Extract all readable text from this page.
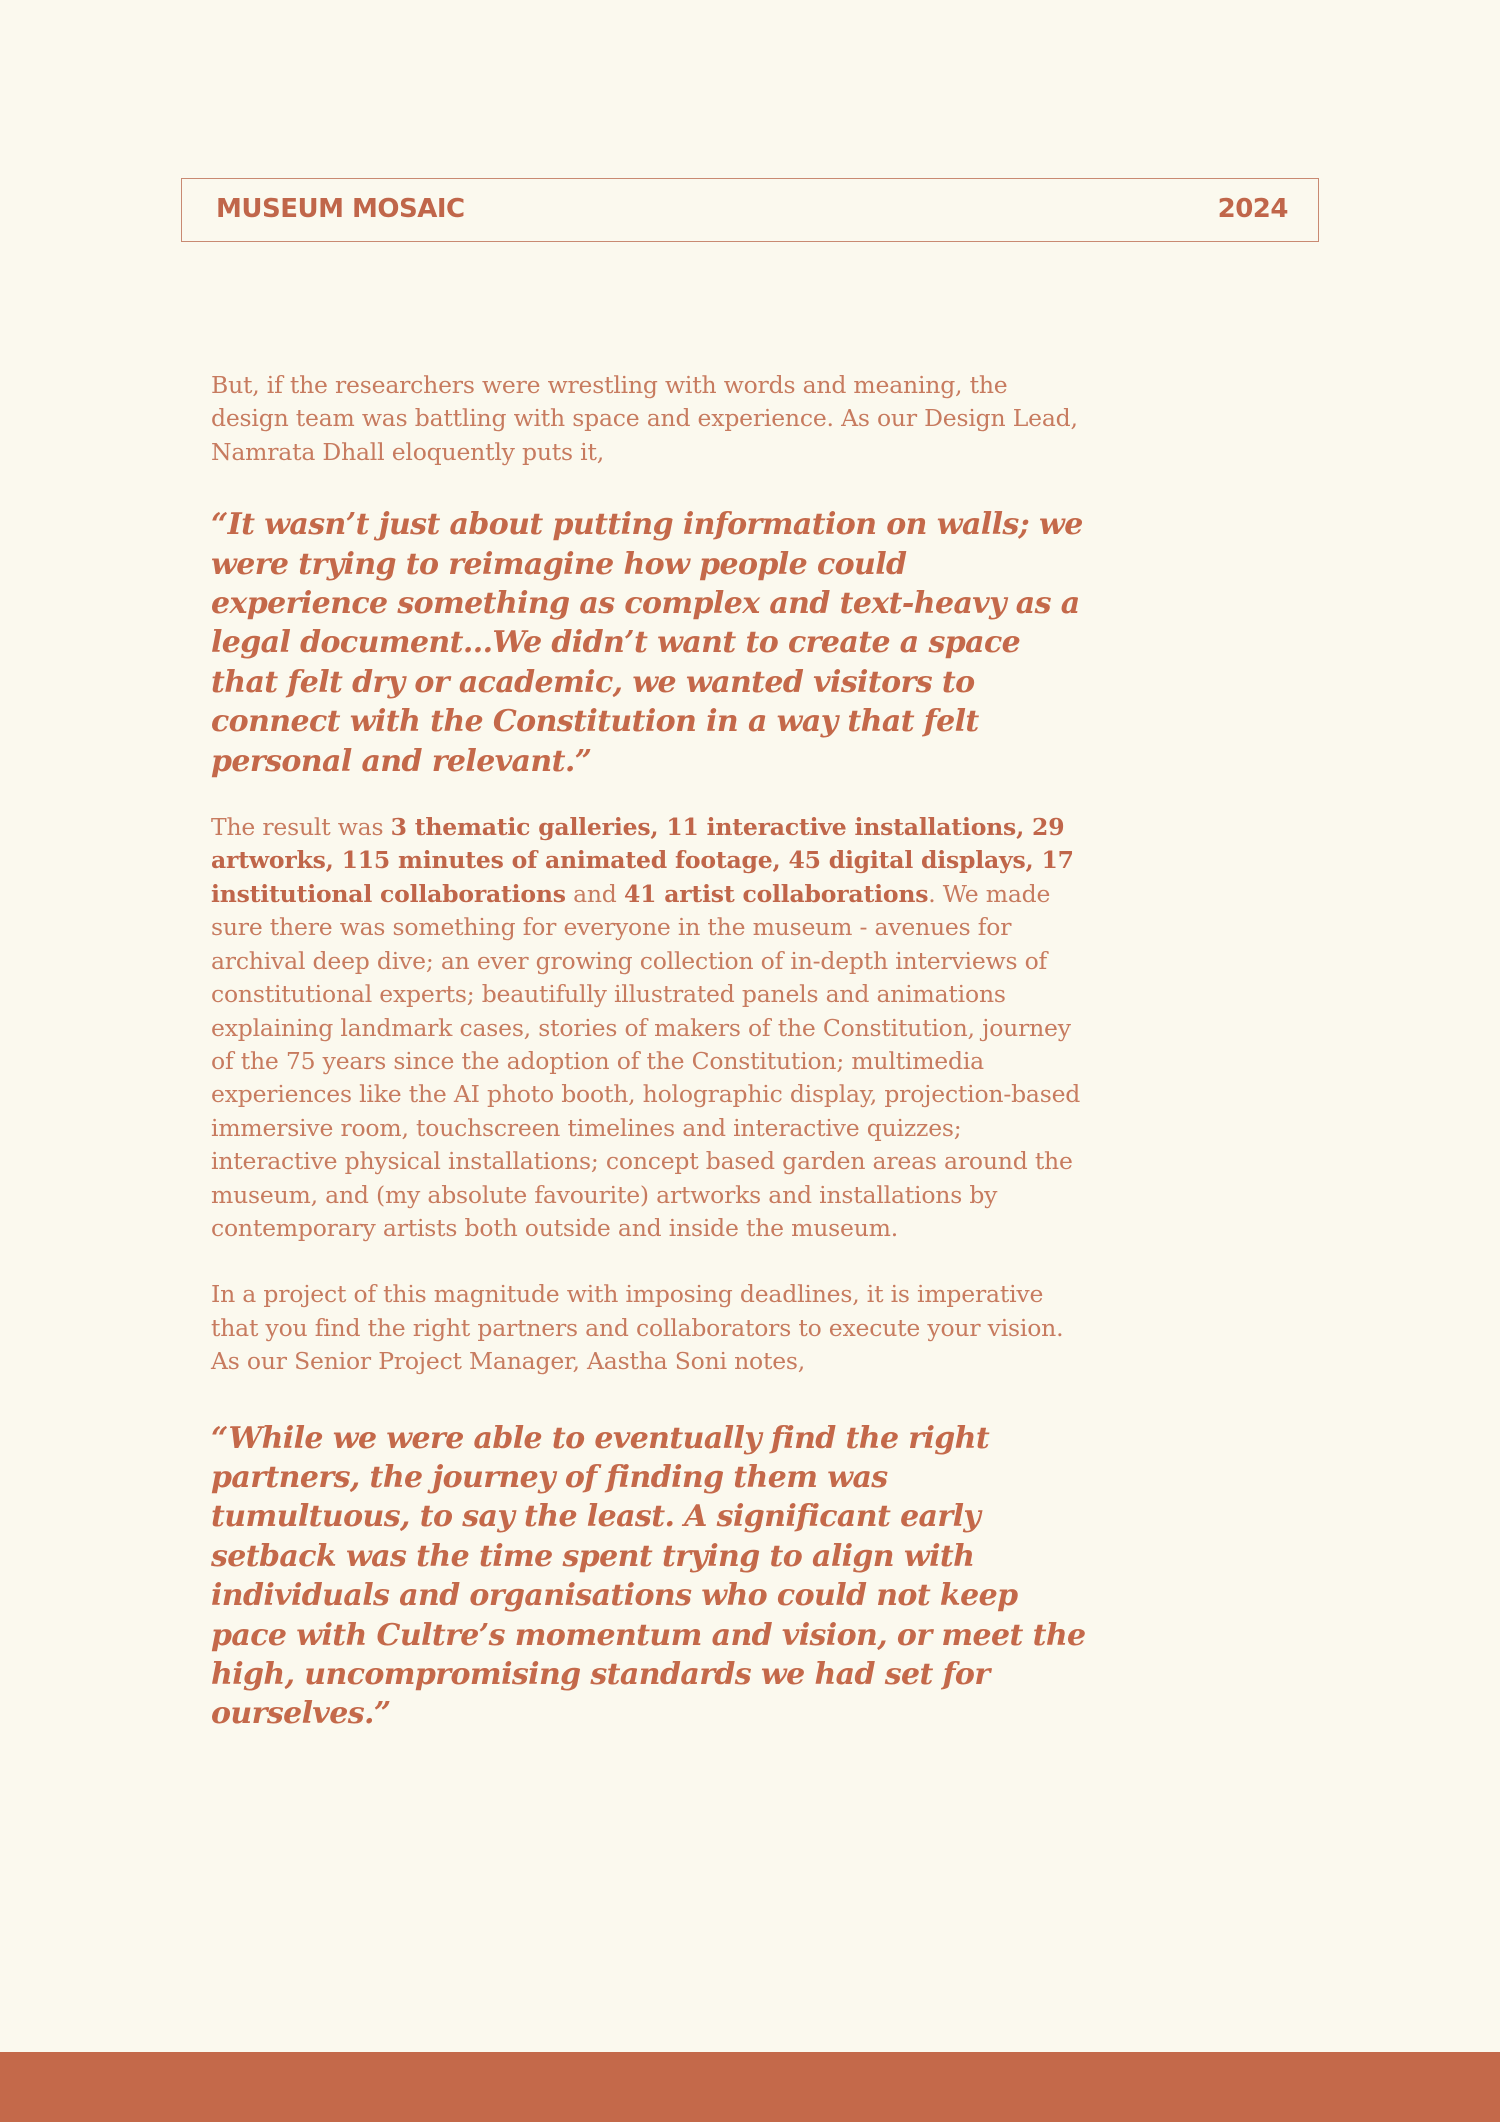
MUSEUM MOSAIC	2024

But, if the researchers were wrestling with words and meaning, the design team was battling with space and experience. As our Design Lead, Namrata Dhall eloquently puts it,

“It wasn’t just about putting information on walls; we were trying to reimagine how people could experience something as complex and text-heavy as a legal document...We didn’t want to create a space that felt dry or academic, we wanted visitors to connect with the Constitution in a way that felt personal and relevant.”

The result was 3 thematic galleries, 11 interactive installations, 29 artworks, 115 minutes of animated footage, 45 digital displays, 17 institutional collaborations and 41 artist collaborations. We made sure there was something for everyone in the museum - avenues for archival deep dive; an ever growing collection of in-depth interviews of constitutional experts; beautifully illustrated panels and animations explaining landmark cases, stories of makers of the Constitution, journey of the 75 years since the adoption of the Constitution; multimedia experiences like the AI photo booth, holographic display, projection-based immersive room, touchscreen timelines and interactive quizzes; interactive physical installations; concept based garden areas around the museum, and (my absolute favourite) artworks and installations by contemporary artists both outside and inside the museum.

In a project of this magnitude with imposing deadlines, it is imperative that you find the right partners and collaborators to execute your vision. As our Senior Project Manager, Aastha Soni notes,

“While we were able to eventually find the right partners, the journey of finding them was tumultuous, to say the least. A significant early setback was the time spent trying to align with individuals and organisations who could not keep pace with Cultre’s momentum and vision, or meet the high, uncompromising standards we had set for ourselves.”
